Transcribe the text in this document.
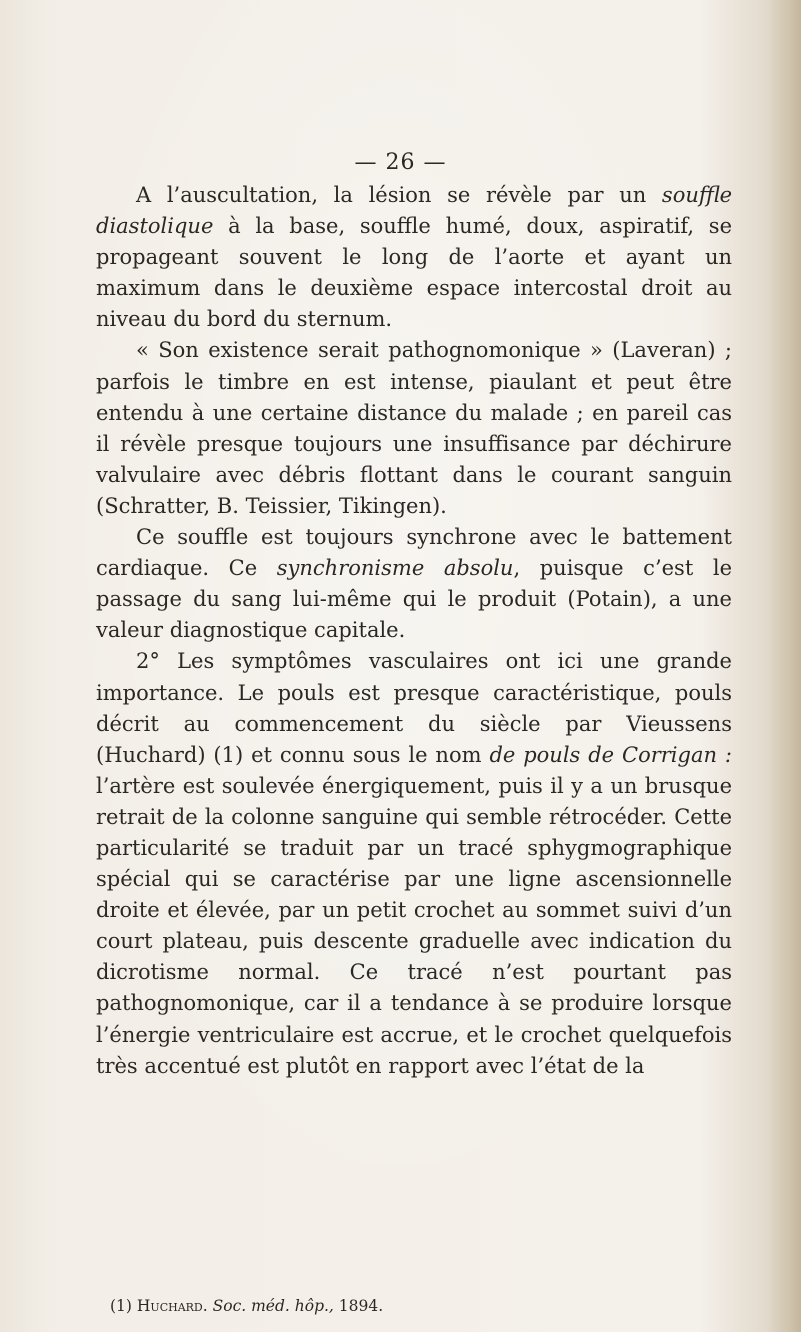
— 26 —

A l’auscultation, la lésion se révèle par un souffle diastolique à la base, souffle humé, doux, aspiratif, se propageant souvent le long de l’aorte et ayant un maximum dans le deuxième espace intercostal droit au niveau du bord du sternum.

« Son existence serait pathognomonique » (Laveran) ; parfois le timbre en est intense, piaulant et peut être entendu à une certaine distance du malade ; en pareil cas il révèle presque toujours une insuffisance par déchirure valvulaire avec débris flottant dans le courant sanguin (Schratter, B. Teissier, Tikingen).

Ce souffle est toujours synchrone avec le battement cardiaque. Ce synchronisme absolu, puisque c’est le passage du sang lui-même qui le produit (Potain), a une valeur diagnostique capitale.

2° Les symptômes vasculaires ont ici une grande importance. Le pouls est presque caractéristique, pouls décrit au commencement du siècle par Vieussens (Huchard) (1) et connu sous le nom de pouls de Corrigan : l’artère est soulevée énergiquement, puis il y a un brusque retrait de la colonne sanguine qui semble rétrocéder. Cette particularité se traduit par un tracé sphygmographique spécial qui se caractérise par une ligne ascensionnelle droite et élevée, par un petit crochet au sommet suivi d’un court plateau, puis descente graduelle avec indication du dicrotisme normal. Ce tracé n’est pourtant pas pathognomonique, car il a tendance à se produire lorsque l’énergie ventriculaire est accrue, et le crochet quelquefois très accentué est plutôt en rapport avec l’état de la

(1) Huchard. Soc. méd. hôp., 1894.
